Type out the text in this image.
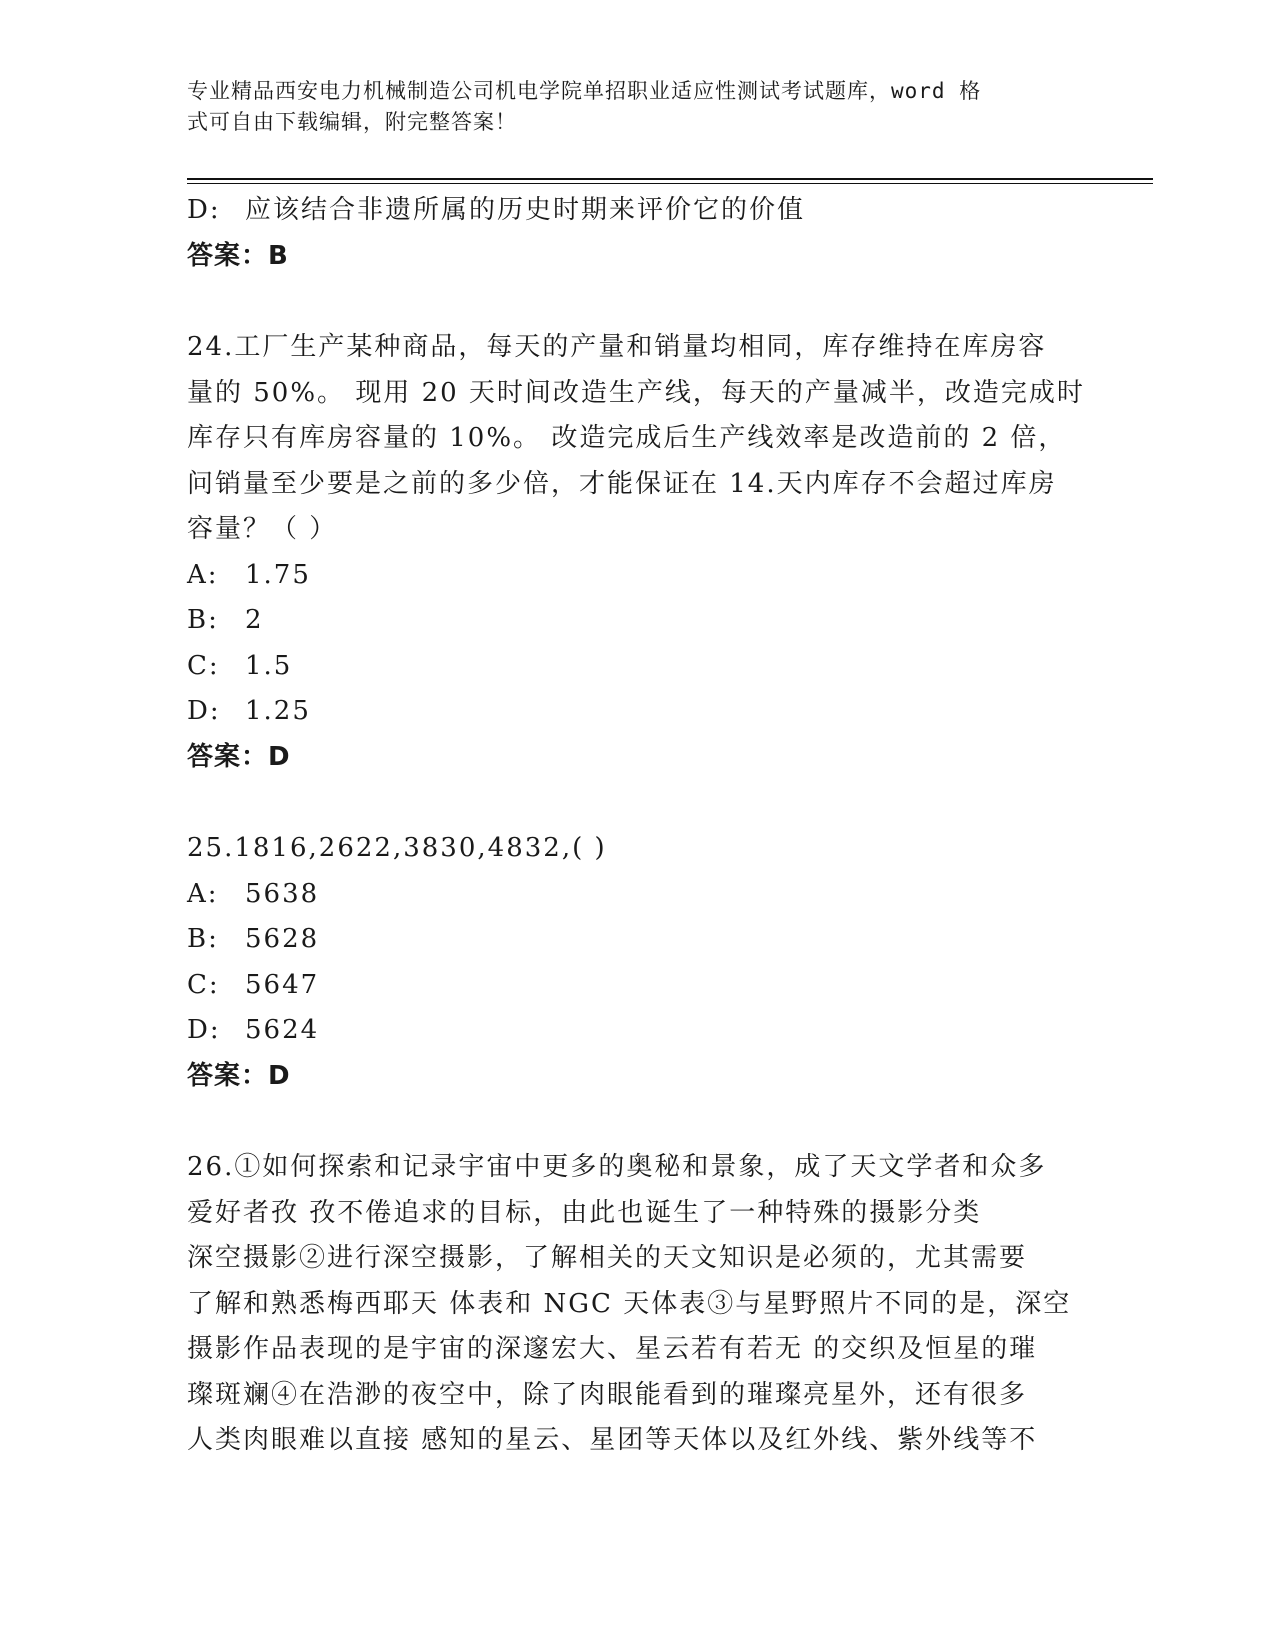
专业精品西安电力机械制造公司机电学院单招职业适应性测试考试题库，word 格
式可自由下载编辑，附完整答案！
D: 应该结合非遗所属的历史时期来评价它的价值
答案：B
24.工厂生产某种商品，每天的产量和销量均相同，库存维持在库房容
量的 50%。 现用 20 天时间改造生产线，每天的产量减半，改造完成时
库存只有库房容量的 10%。 改造完成后生产线效率是改造前的 2 倍，
问销量至少要是之前的多少倍，才能保证在 14.天内库存不会超过库房
容量？（ ）
A:	1.75
B:	2
C: 1.5
D: 1.25
答案：D
25.1816,2622,3830,4832,( )
A:	5638
B:	5628
C: 5647
D: 5624
答案：D
26.①如何探索和记录宇宙中更多的奥秘和景象，成了天文学者和众多
爱好者孜 孜不倦追求的目标，由此也诞生了一种特殊的摄影分类
深空摄影②进行深空摄影，了解相关的天文知识是必须的，尤其需要
了解和熟悉梅西耶天 体表和 NGC 天体表③与星野照片不同的是，深空
摄影作品表现的是宇宙的深邃宏大、星云若有若无 的交织及恒星的璀
璨斑斓④在浩渺的夜空中，除了肉眼能看到的璀璨亮星外，还有很多
人类肉眼难以直接 感知的星云、星团等天体以及红外线、紫外线等不
